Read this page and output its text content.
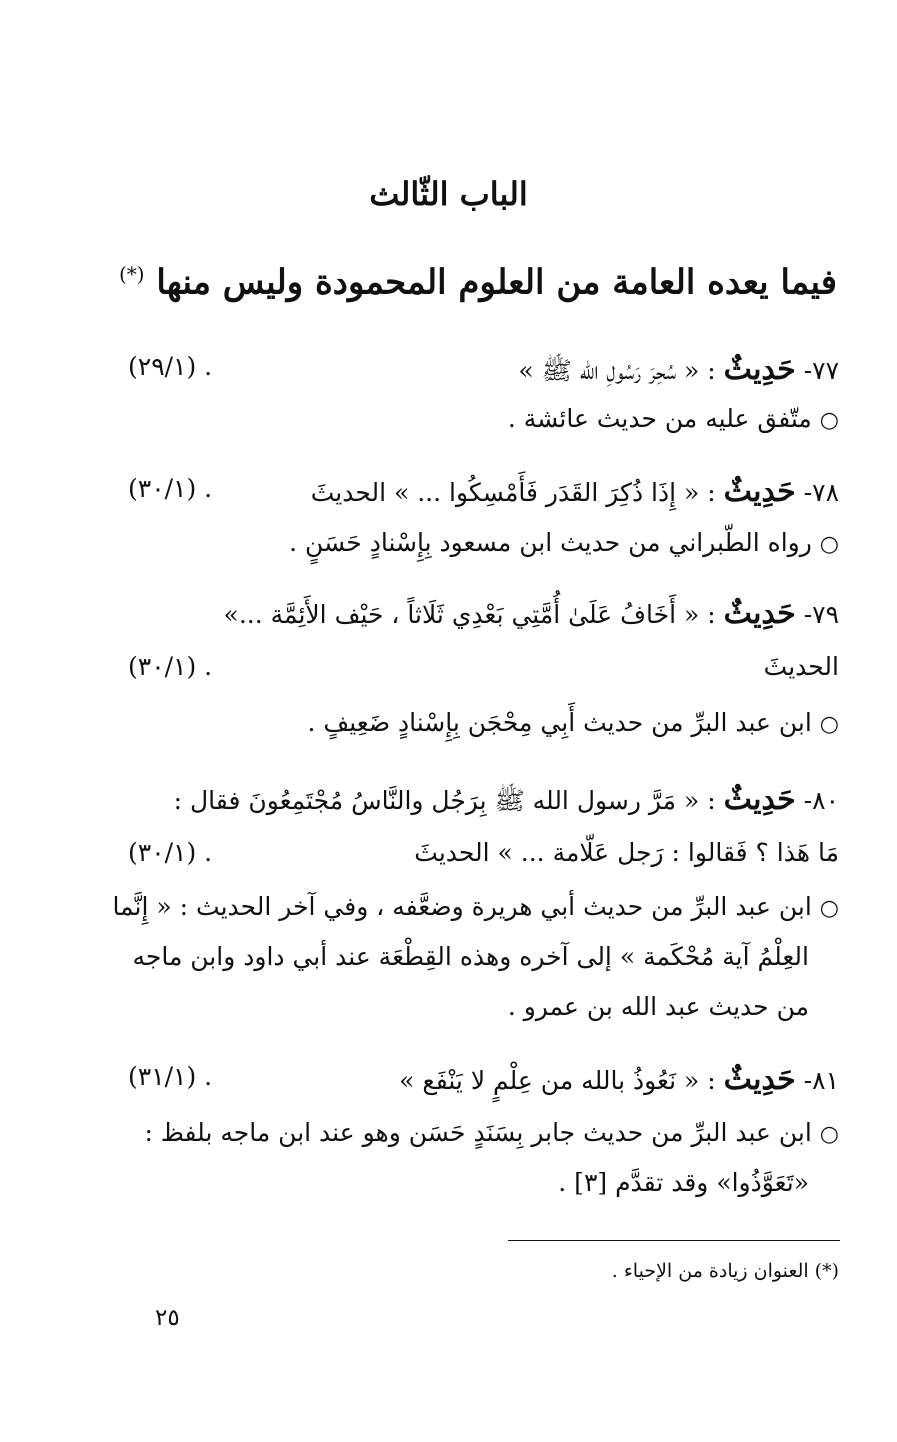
الباب الثّالث
فيما يعده العامة من العلوم المحمودة وليس منها (*)
٧٧- حَدِيثٌ : « سُحِرَ رَسُولِ الله ﷺ »
(٢٩/١) .
○متّفق عليه من حديث عائشة .
٧٨- حَدِيثٌ : « إِذَا ذُكِرَ القَدَر فَأَمْسِكُوا ... » الحديثَ
(٣٠/١) .
○رواه الطّبراني من حديث ابن مسعود بِإِسْنادٍ حَسَنٍ .
٧٩- حَدِيثٌ : « أَخَافُ عَلَىٰ أُمَّتِي بَعْدِي ثَلَاثاً ، حَيْف الأَئِمَّة ...»
الحديثَ
(٣٠/١) .
○ابن عبد البرِّ من حديث أَبِي مِحْجَن بِإِسْنادٍ ضَعِيفٍ .
٨٠- حَدِيثٌ : « مَرَّ رسول الله ﷺ بِرَجُل والنَّاسُ مُجْتَمِعُونَ فقال :
مَا هَذا ؟ فَقالوا : رَجل عَلّامة ... » الحديثَ
(٣٠/١) .
○ابن عبد البرِّ من حديث أبي هريرة وضعَّفه ، وفي آخر الحديث : « إِنَّما
العِلْمُ آية مُحْكَمة » إلى آخره وهذه القِطْعَة عند أبي داود وابن ماجه
من حديث عبد الله بن عمرو .
٨١- حَدِيثٌ : « نَعُوذُ بالله من عِلْمٍ لا يَنْفَع »
(٣١/١) .
○ابن عبد البرِّ من حديث جابر بِسَنَدٍ حَسَن وهو عند ابن ماجه بلفظ :
«تَعَوَّذُوا» وقد تقدَّم [٣] .
(*) العنوان زيادة من الإحياء .
٢٥
